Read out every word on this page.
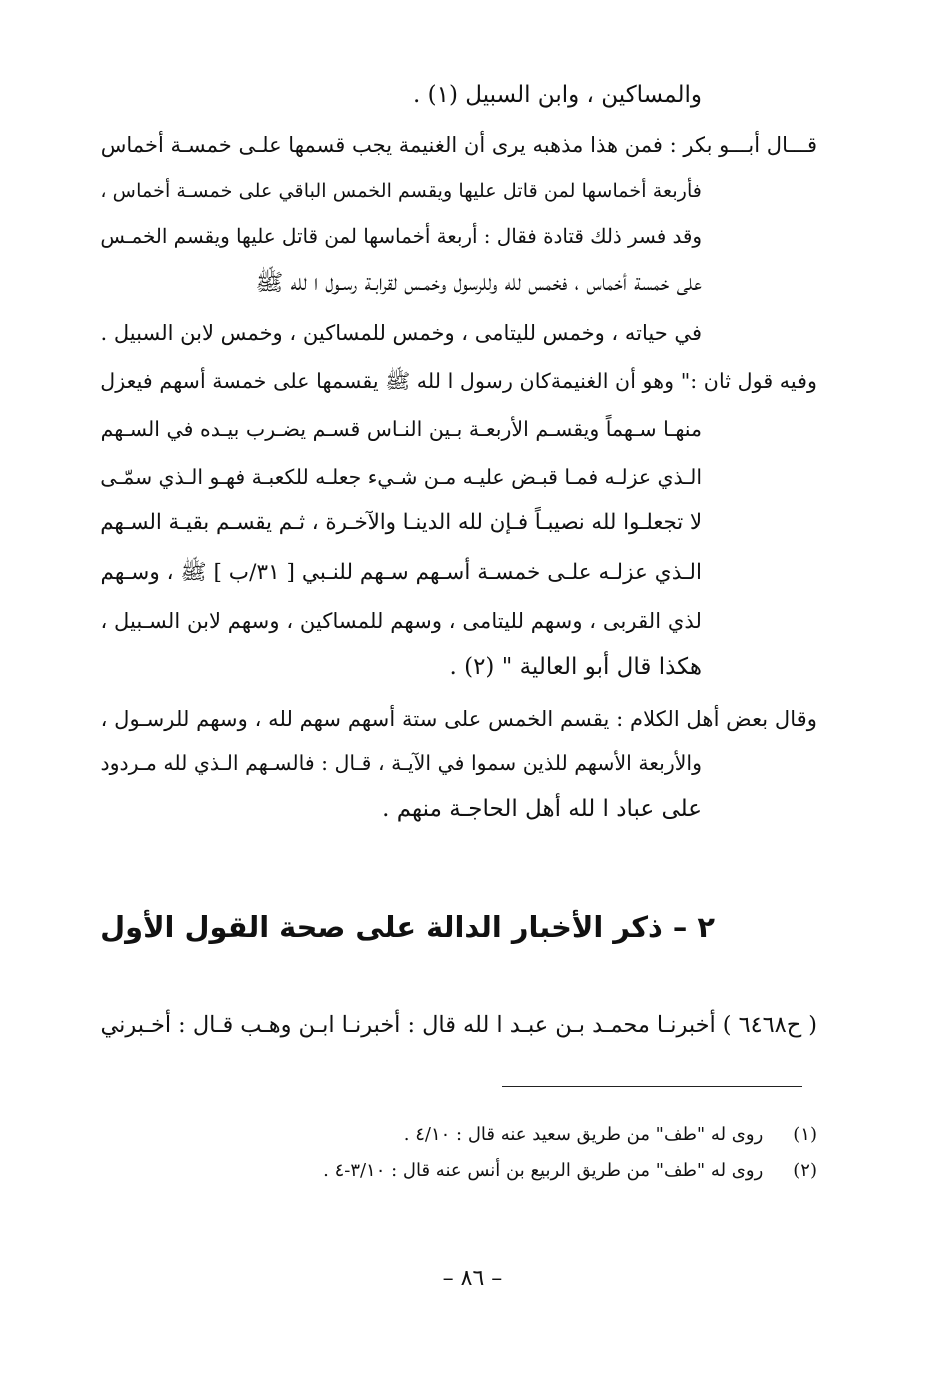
والمساكين ، وابن السبيل (١) .
قـــال أبـــو بكر : فمن هذا مذهبه يرى أن الغنيمة يجب قسمها علـى خمسـة أخماس
فأربعة أخماسها لمن قاتل عليها ويقسم الخمس الباقي على خمسـة أخماس ،
وقد فسر ذلك قتادة فقال : أربعة أخماسها لمن قاتل عليها ويقسم الخمـس
على خمسة أخماس ، فخمس لله وللرسول وخمـس لقرابـة رسـول ا لله ﷺ
في حياته ، وخمس لليتامى ، وخمس للمساكين ، وخمس لابن السبيل .
وفيه قول ثان :" وهو أن الغنيمةكان رسول ا لله ﷺ يقسمها على خمسة أسهم فيعزل
منهـا سـهماً ويقسـم الأربعـة بـين النـاس قسـم يضـرب بيـده في السـهم
الـذي عزلـه فمـا قبـض عليـه مـن شـيء جعلـه للكعبـة فهـو الـذي سمّـى
لا تجعلـوا لله نصيبـاً فـإن لله الدينـا والآخـرة ، ثـم يقسـم بقيـة السـهم
الـذي عزلـه علـى خمسـة أسـهم سـهم للنـبي [ ٣١/ب ] ﷺ ، وسـهم
لذي القربى ، وسهم لليتامى ، وسهم للمساكين ، وسهم لابن السـبيل ،
هكذا قال أبو العالية " (٢) .
وقال بعض أهل الكلام : يقسم الخمس على ستة أسهم سهم لله ، وسهم للرسـول ،
والأربعة الأسهم للذين سموا في الآيـة ، قـال : فالسـهم الـذي لله مـردود
على عباد ا لله أهل الحاجـة منهم .
٢ – ذكر الأخبار الدالة على صحة القول الأول
( ح٦٤٦٨ ) أخبرنـا محمـد بـن عبـد ا لله قال : أخبرنـا ابـن وهـب قـال : أخـبرني
(١) روى له "طف" من طريق سعيد عنه قال : ٤/١٠ .
(٢) روى له "طف" من طريق الربيع بن أنس عنه قال : ٣/١٠-٤ .
– ٨٦ –
